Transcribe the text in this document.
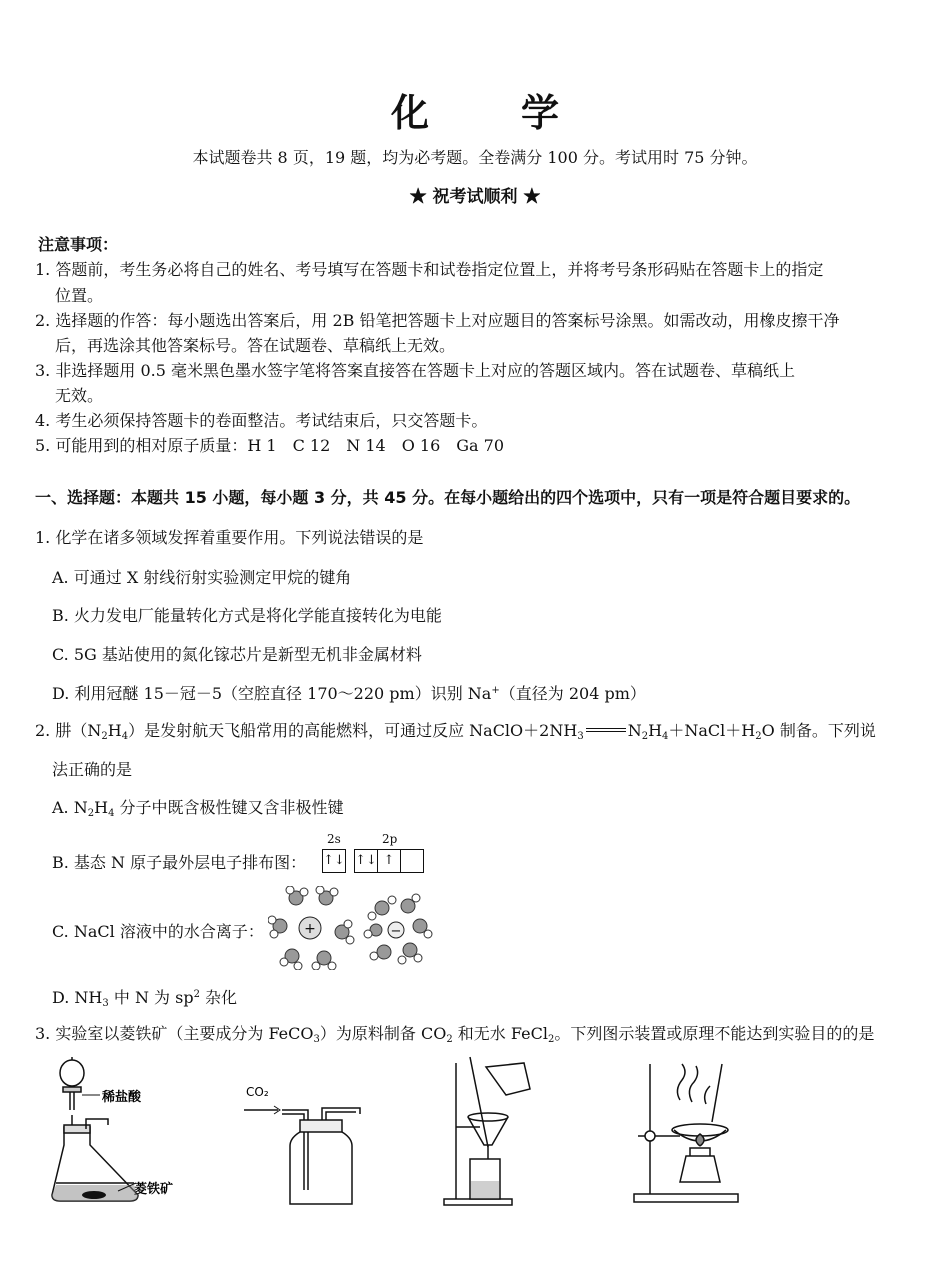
化学
本试题卷共 8 页，19 题，均为必考题。全卷满分 100 分。考试用时 75 分钟。
★ 祝考试顺利 ★
注意事项：
1. 答题前，考生务必将自己的姓名、考号填写在答题卡和试卷指定位置上，并将考号条形码贴在答题卡上的指定
位置。
2. 选择题的作答：每小题选出答案后，用 2B 铅笔把答题卡上对应题目的答案标号涂黑。如需改动，用橡皮擦干净
后，再选涂其他答案标号。答在试题卷、草稿纸上无效。
3. 非选择题用 0.5 毫米黑色墨水签字笔将答案直接答在答题卡上对应的答题区域内。答在试题卷、草稿纸上
无效。
4. 考生必须保持答题卡的卷面整洁。考试结束后，只交答题卡。
5. 可能用到的相对原子质量：H 1　C 12　N 14　O 16　Ga 70
一、选择题：本题共 15 小题，每小题 3 分，共 45 分。在每小题给出的四个选项中，只有一项是符合题目要求的。
1. 化学在诸多领域发挥着重要作用。下列说法错误的是
A. 可通过 X 射线衍射实验测定甲烷的键角
B. 火力发电厂能量转化方式是将化学能直接转化为电能
C. 5G 基站使用的氮化镓芯片是新型无机非金属材料
D. 利用冠醚 15－冠－5（空腔直径 170～220 pm）识别 Na+（直径为 204 pm）
2. 肼$(N_2H_4)$是发射航天飞船常用的高能燃料，可通过反应 $NaClO+2NH_3$	$N_2H_4+NaCl+H_2O$ 制备。下列说
法正确的是
A. $N_2H_4$ 分子中既含极性键又含非极性键
B. 基态 N 原子最外层电子排布图：
2s	2p
↑↓ ↑↓ ↑
C. NaCl 溶液中的水合离子：	+	−
D. $NH_3$ 中 N 为 $sp^2$ 杂化
3. 实验室以菱铁矿（主要成分为 FeCO$_3$）为原料制备 $CO_2$ 和无水 FeCl$_2$。下列图示装置或原理不能达到实验目的的是
稀盐酸
菱铁矿
CO₂
